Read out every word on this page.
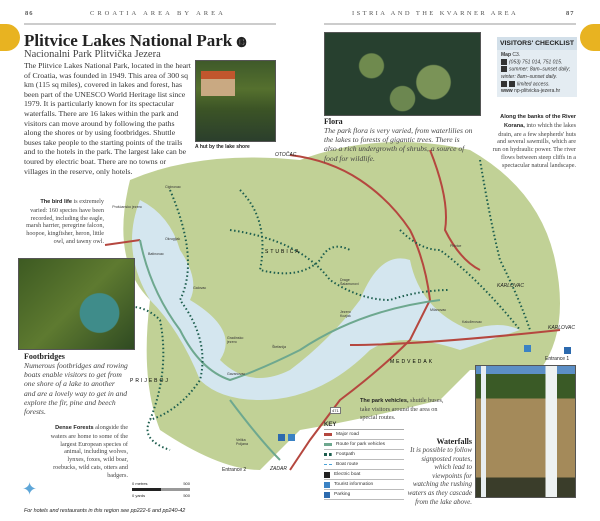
86	CROATIA AREA BY AREA	ISTRIA AND THE KVARNER AREA	87
STUBICA
PRIJEBOJ
MEDVEDAK
Ciginovac
Prošćansko jezero
Okrugljak
Batinovac
Galovac
Gradinsko jezero
Gavanovac
Drage Šalamunovi
Jezero Kozjak
Milanovac
Kaluđerovac
Plitvice
Velika Poljana
Štefanija
OTOČAC
KARLOVAC
KARLOVAC
ZADAR
471
Entrance 1
Entrance 2
Plitvice Lakes National Park ⓭
Nacionalni Park Plitvička Jezera
The Plitvice Lakes National Park, located in the heart of Croatia, was founded in 1949. This area of 300 sq km (115 sq miles), covered in lakes and forest, has been part of the UNESCO World Heritage list since 1979. It is particularly known for its spectacular waterfalls. There are 16 lakes within the park and visitors can move around by following the paths along the shores or by using footbridges. Shuttle buses take people to the starting points of the trails and to the hotels in the park. The largest lake can be toured by electric boat. There are no towns or villages in the reserve, only hotels.
A hut by the lake shore
Flora
The park flora is very varied, from waterlilies on the lakes to forests of gigantic trees. There is also a rich undergrowth of shrubs, a source of food for wildlife.
VISITORS' CHECKLIST
Map C3.
(053) 751 014, 751 015.
summer: 8am–sunset daily; winter: 8am–sunset daily.
limited access.
www np-plitvicka-jezera.hr
Along the banks of the River Korana, into which the lakes drain, are a few shepherds' huts and several sawmills, which are run on hydraulic power. The river flows between steep cliffs in a spectacular natural landscape.
The bird life is extremely varied: 160 species have been recorded, including the eagle, marsh harrier, peregrine falcon, hoopoe, kingfisher, heron, little owl, and tawny owl.
Footbridges
Numerous footbridges and rowing boats enable visitors to get from one shore of a lake to another and are a lovely way to get in and explore the fir, pine and beech forests.
Dense Forests alongside the waters are home to some of the largest European species of animal, including wolves, lynxes, foxes, wild boar, roebucks, wild cats, otters and badgers.
✦	0 metres	500
0 yards	500
For hotels and restaurants in this region see pp222-6 and pp240-42
The park vehicles, shuttle buses, take visitors around the area on special routes.
KEY
Major road
Route for park vehicles
Footpath
Boat route
Electric boat
Tourist information
Parking
Waterfalls
It is possible to follow signposted routes, which lead to viewpoints for watching the rushing waters as they cascade from the lake above.
